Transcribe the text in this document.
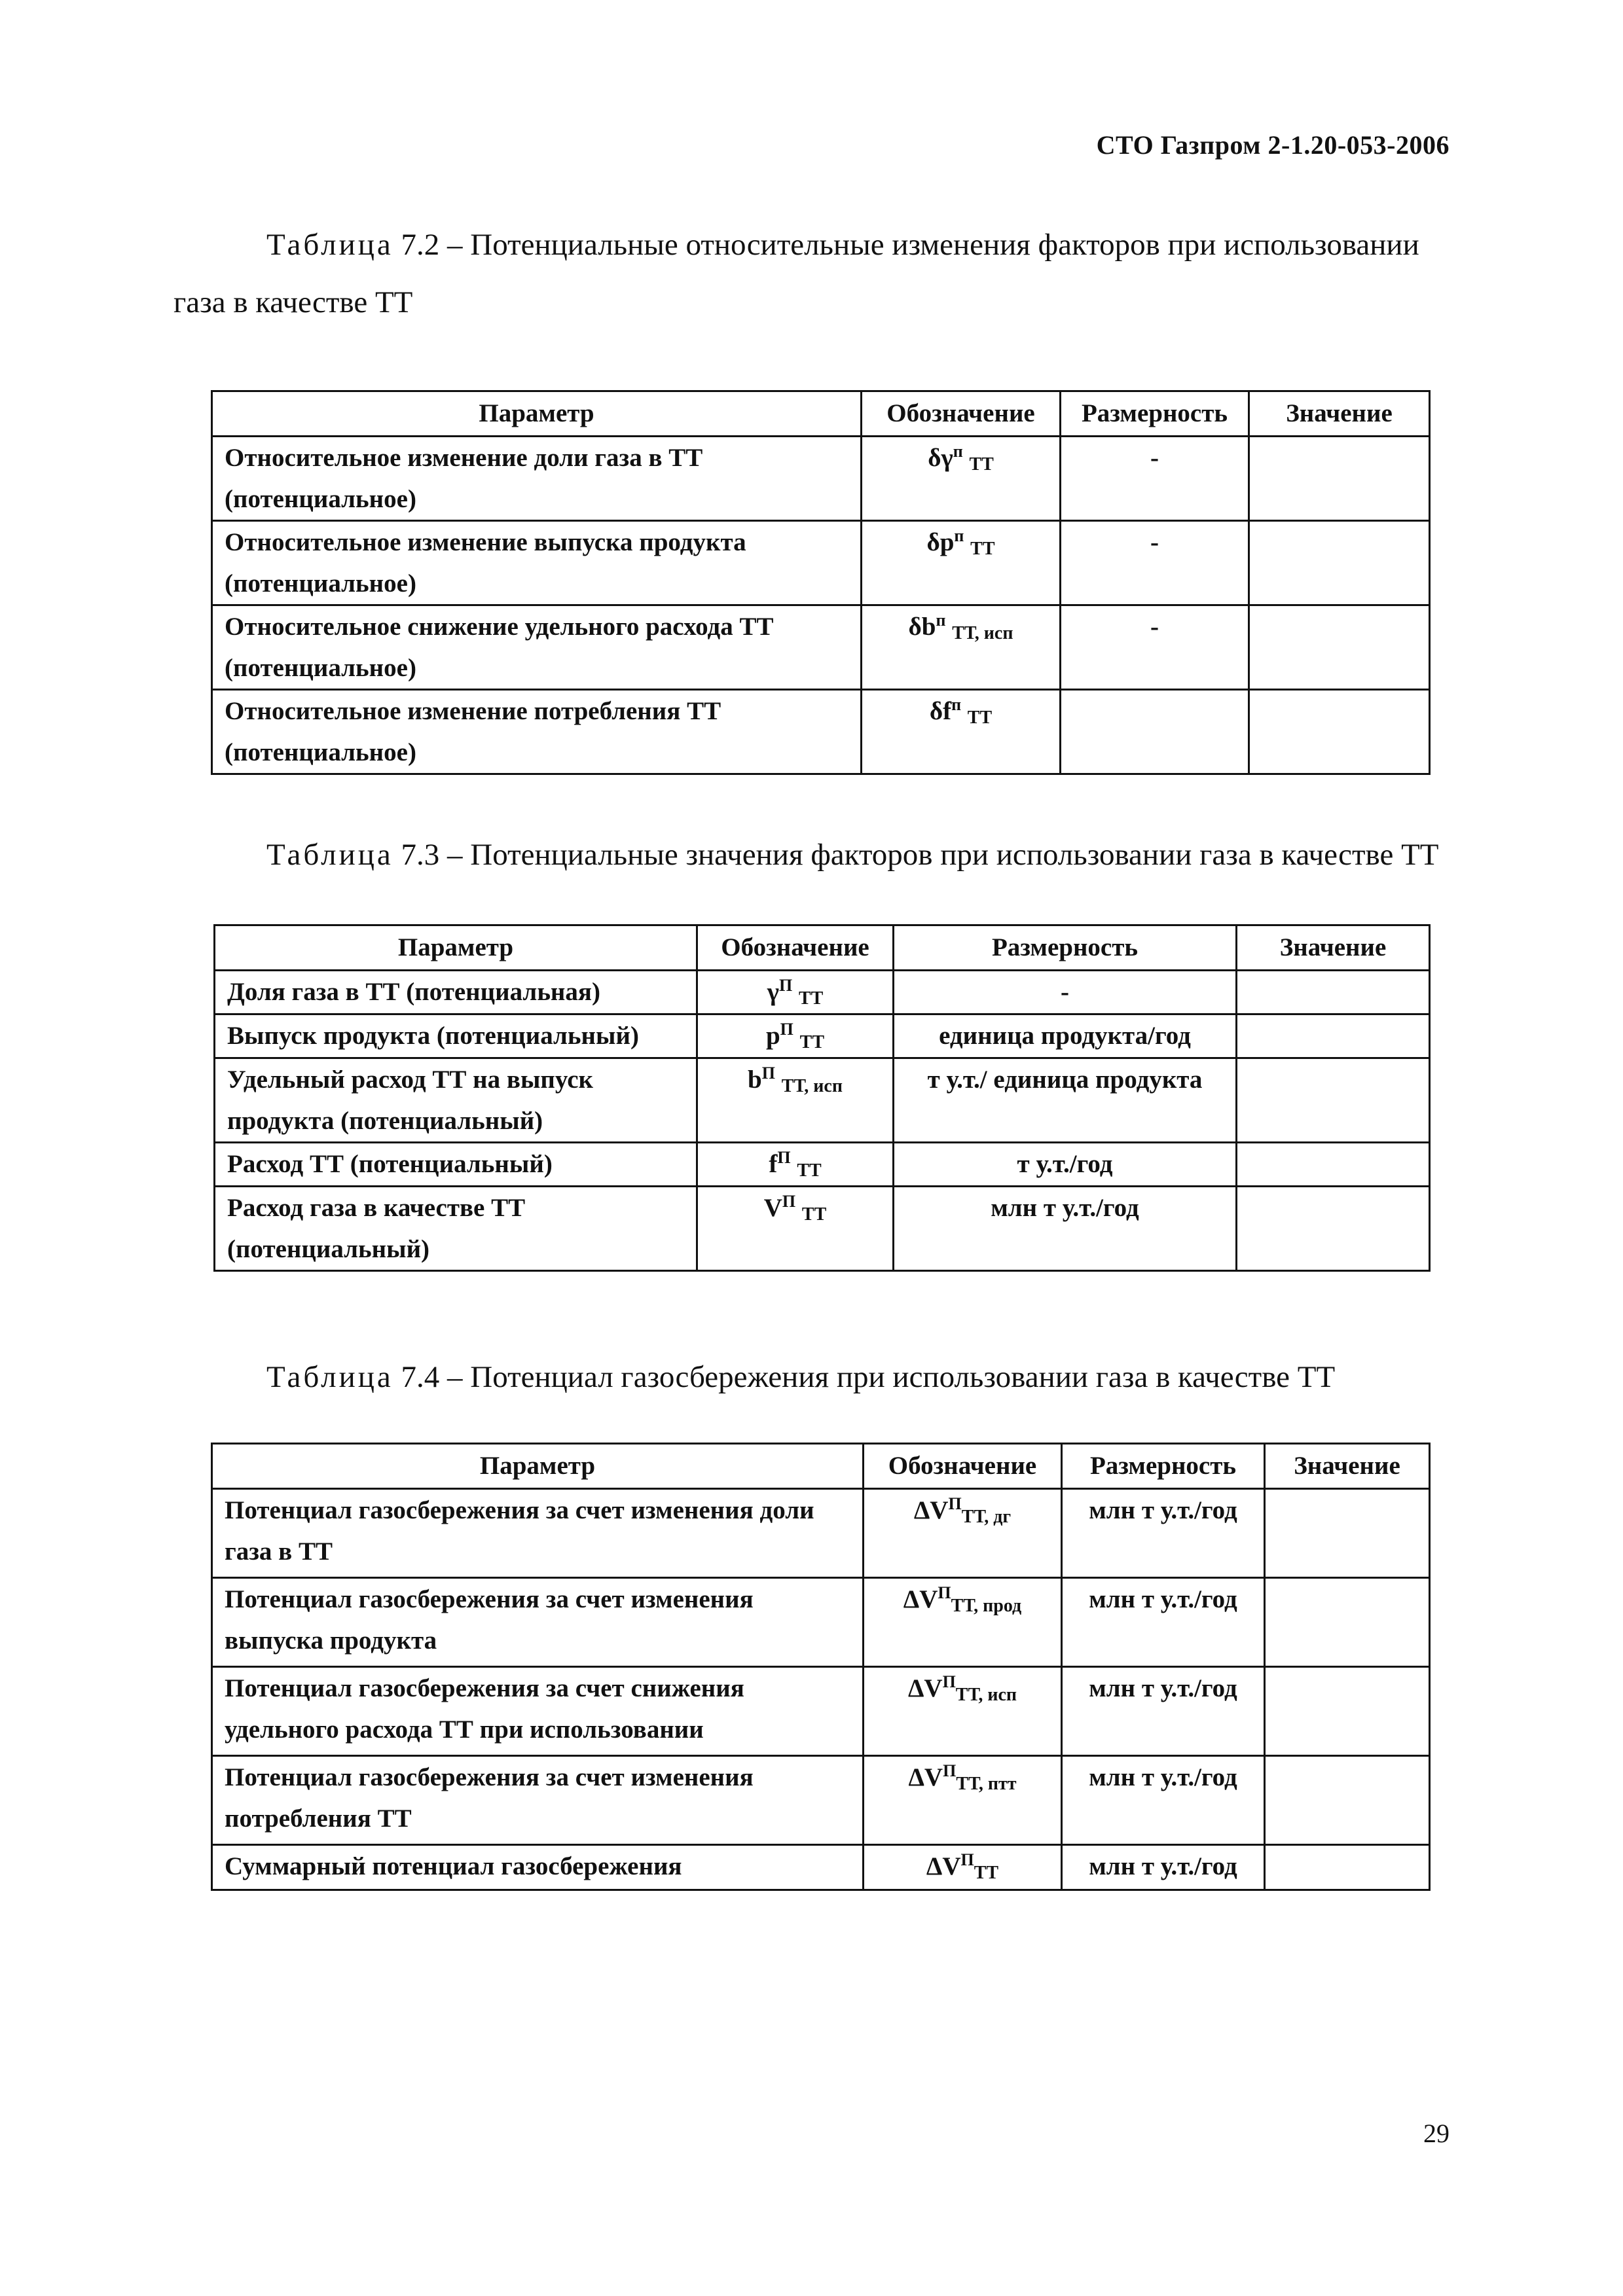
СТО Газпром 2-1.20-053-2006
Таблица 7.2 – Потенциальные относительные изменения факторов при использовании газа в качестве ТТ
Параметр	Обозначение	Размерность	Значение
Относительное изменение доли газа в ТТ (потенциальное)	$\delta\gamma^п$ $_{ТТ}$	-	
Относительное изменение выпуска продукта (потенциальное)	$\delta p^п$ $_{ТТ}$	-	
Относительное снижение удельного расхода ТТ (потенциальное)	$\delta b^п$ $_{ТТ, исп}$	-	
Относительное изменение потребления ТТ (потенциальное)	$\delta f^п$ $_{ТТ}$		
Таблица 7.3 – Потенциальные значения факторов при использовании газа в качестве ТТ
Параметр	Обозначение	Размерность	Значение
Доля газа в ТТ (потенциальная)	$\gamma^П$ $_{ТТ}$	-	
Выпуск продукта (потенциальный)	$p^П$ $_{ТТ}$	единица продукта/год	
Удельный расход ТТ на выпуск продукта (потенциальный)	$b^П$ $_{ТТ, исп}$	т у.т./ единица продукта	
Расход ТТ (потенциальный)	$f^П$ $_{ТТ}$	т у.т./год	
Расход газа в качестве ТТ (потенциальный)	$V^П$ $_{ТТ}$	млн т у.т./год	
Таблица 7.4 – Потенциал газосбережения при использовании газа в качестве ТТ
Параметр	Обозначение	Размерность	Значение
Потенциал газосбережения за счет изменения доли газа в ТТ	$\Delta V^П_{ТТ, дг}$	млн т у.т./год	
Потенциал газосбережения за счет изменения выпуска продукта	$\Delta V^П_{ТТ, прод}$	млн т у.т./год	
Потенциал газосбережения за счет снижения удельного расхода ТТ при использовании	$\Delta V^П_{ТТ, исп}$	млн т у.т./год	
Потенциал газосбережения за счет изменения потребления ТТ	$\Delta V^П_{ТТ, птт}$	млн т у.т./год	
Суммарный потенциал газосбережения	$\Delta V^П_{ТТ}$	млн т у.т./год	
29
